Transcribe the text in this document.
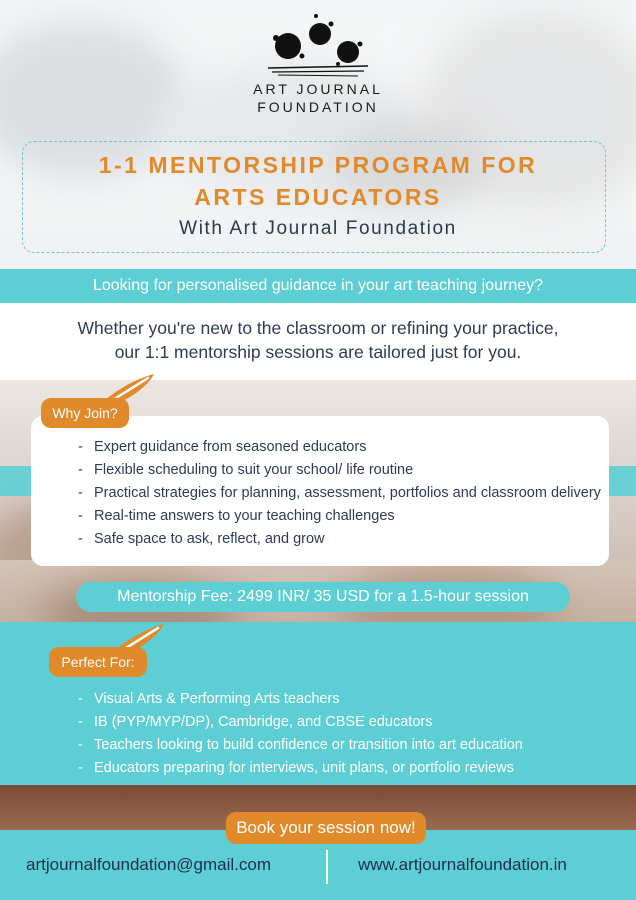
ART JOURNAL
FOUNDATION
1-1 MENTORSHIP PROGRAM FOR
ARTS EDUCATORS
With Art Journal Foundation
Looking for personalised guidance in your art teaching journey?
Whether you're new to the classroom or refining your practice,
our 1:1 mentorship sessions are tailored just for you.
Why Join?
- Expert guidance from seasoned educators
- Flexible scheduling to suit your school/ life routine
- Practical strategies for planning, assessment, portfolios and classroom delivery
- Real-time answers to your teaching challenges
- Safe space to ask, reflect, and grow
Mentorship Fee: 2499 INR/ 35 USD for a 1.5-hour session
Perfect For:
- Visual Arts & Performing Arts teachers
- IB (PYP/MYP/DP), Cambridge, and CBSE educators
- Teachers looking to build confidence or transition into art education
- Educators preparing for interviews, unit plans, or portfolio reviews
Book your session now!
artjournalfoundation@gmail.com	www.artjournalfoundation.in
